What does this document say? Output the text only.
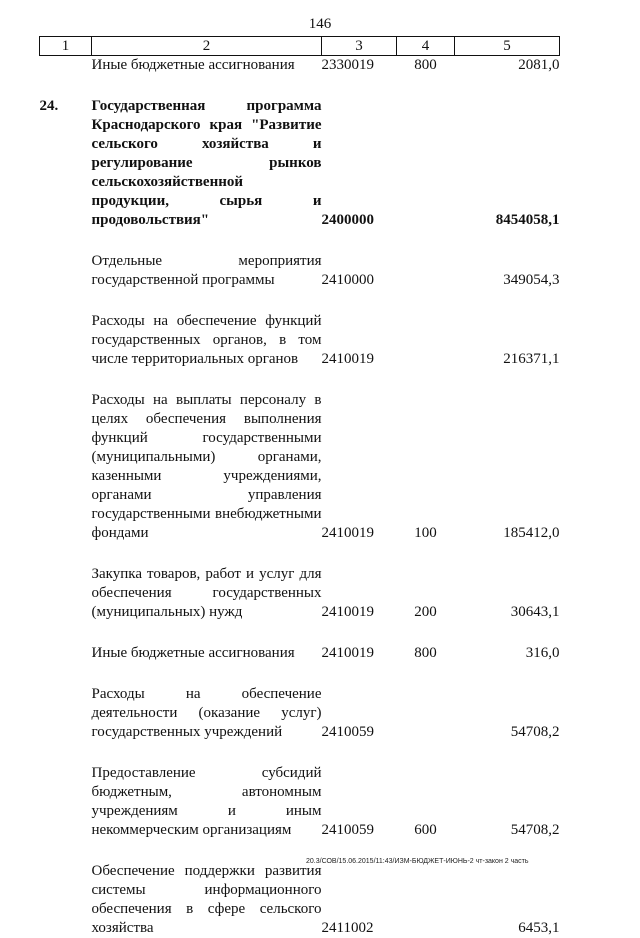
146
1	2	3	4	5
	Иные бюджетные ассигнования	2330019	800	2081,0

24.	Государственная программа Краснодарского края "Развитие сельского хозяйства и регулирование рынков сельскохозяйственной продукции, сырья и продовольствия"	2400000		8454058,1

	Отдельные мероприятия государственной программы	2410000		349054,3

	Расходы на обеспечение функций государственных органов, в том числе территориальных органов	2410019		216371,1

	Расходы на выплаты персоналу в целях обеспечения выполнения функций государственными (муниципальными) органами, казенными учреждениями, органами управления государственными внебюджетными фондами	2410019	100	185412,0

	Закупка товаров, работ и услуг для обеспечения государственных (муниципальных) нужд	2410019	200	30643,1

	Иные бюджетные ассигнования	2410019	800	316,0

	Расходы на обеспечение деятельности (оказание услуг) государственных учреждений	2410059		54708,2

	Предоставление субсидий бюджетным, автономным учреждениям и иным некоммерческим организациям	2410059	600	54708,2

	Обеспечение поддержки развития системы информационного обеспечения в сфере сельского хозяйства	2411002		6453,1
20.3/СОВ/15.06.2015/11:43/ИЗМ-БЮДЖЕТ-ИЮНЬ-2 чт-закон 2 часть
